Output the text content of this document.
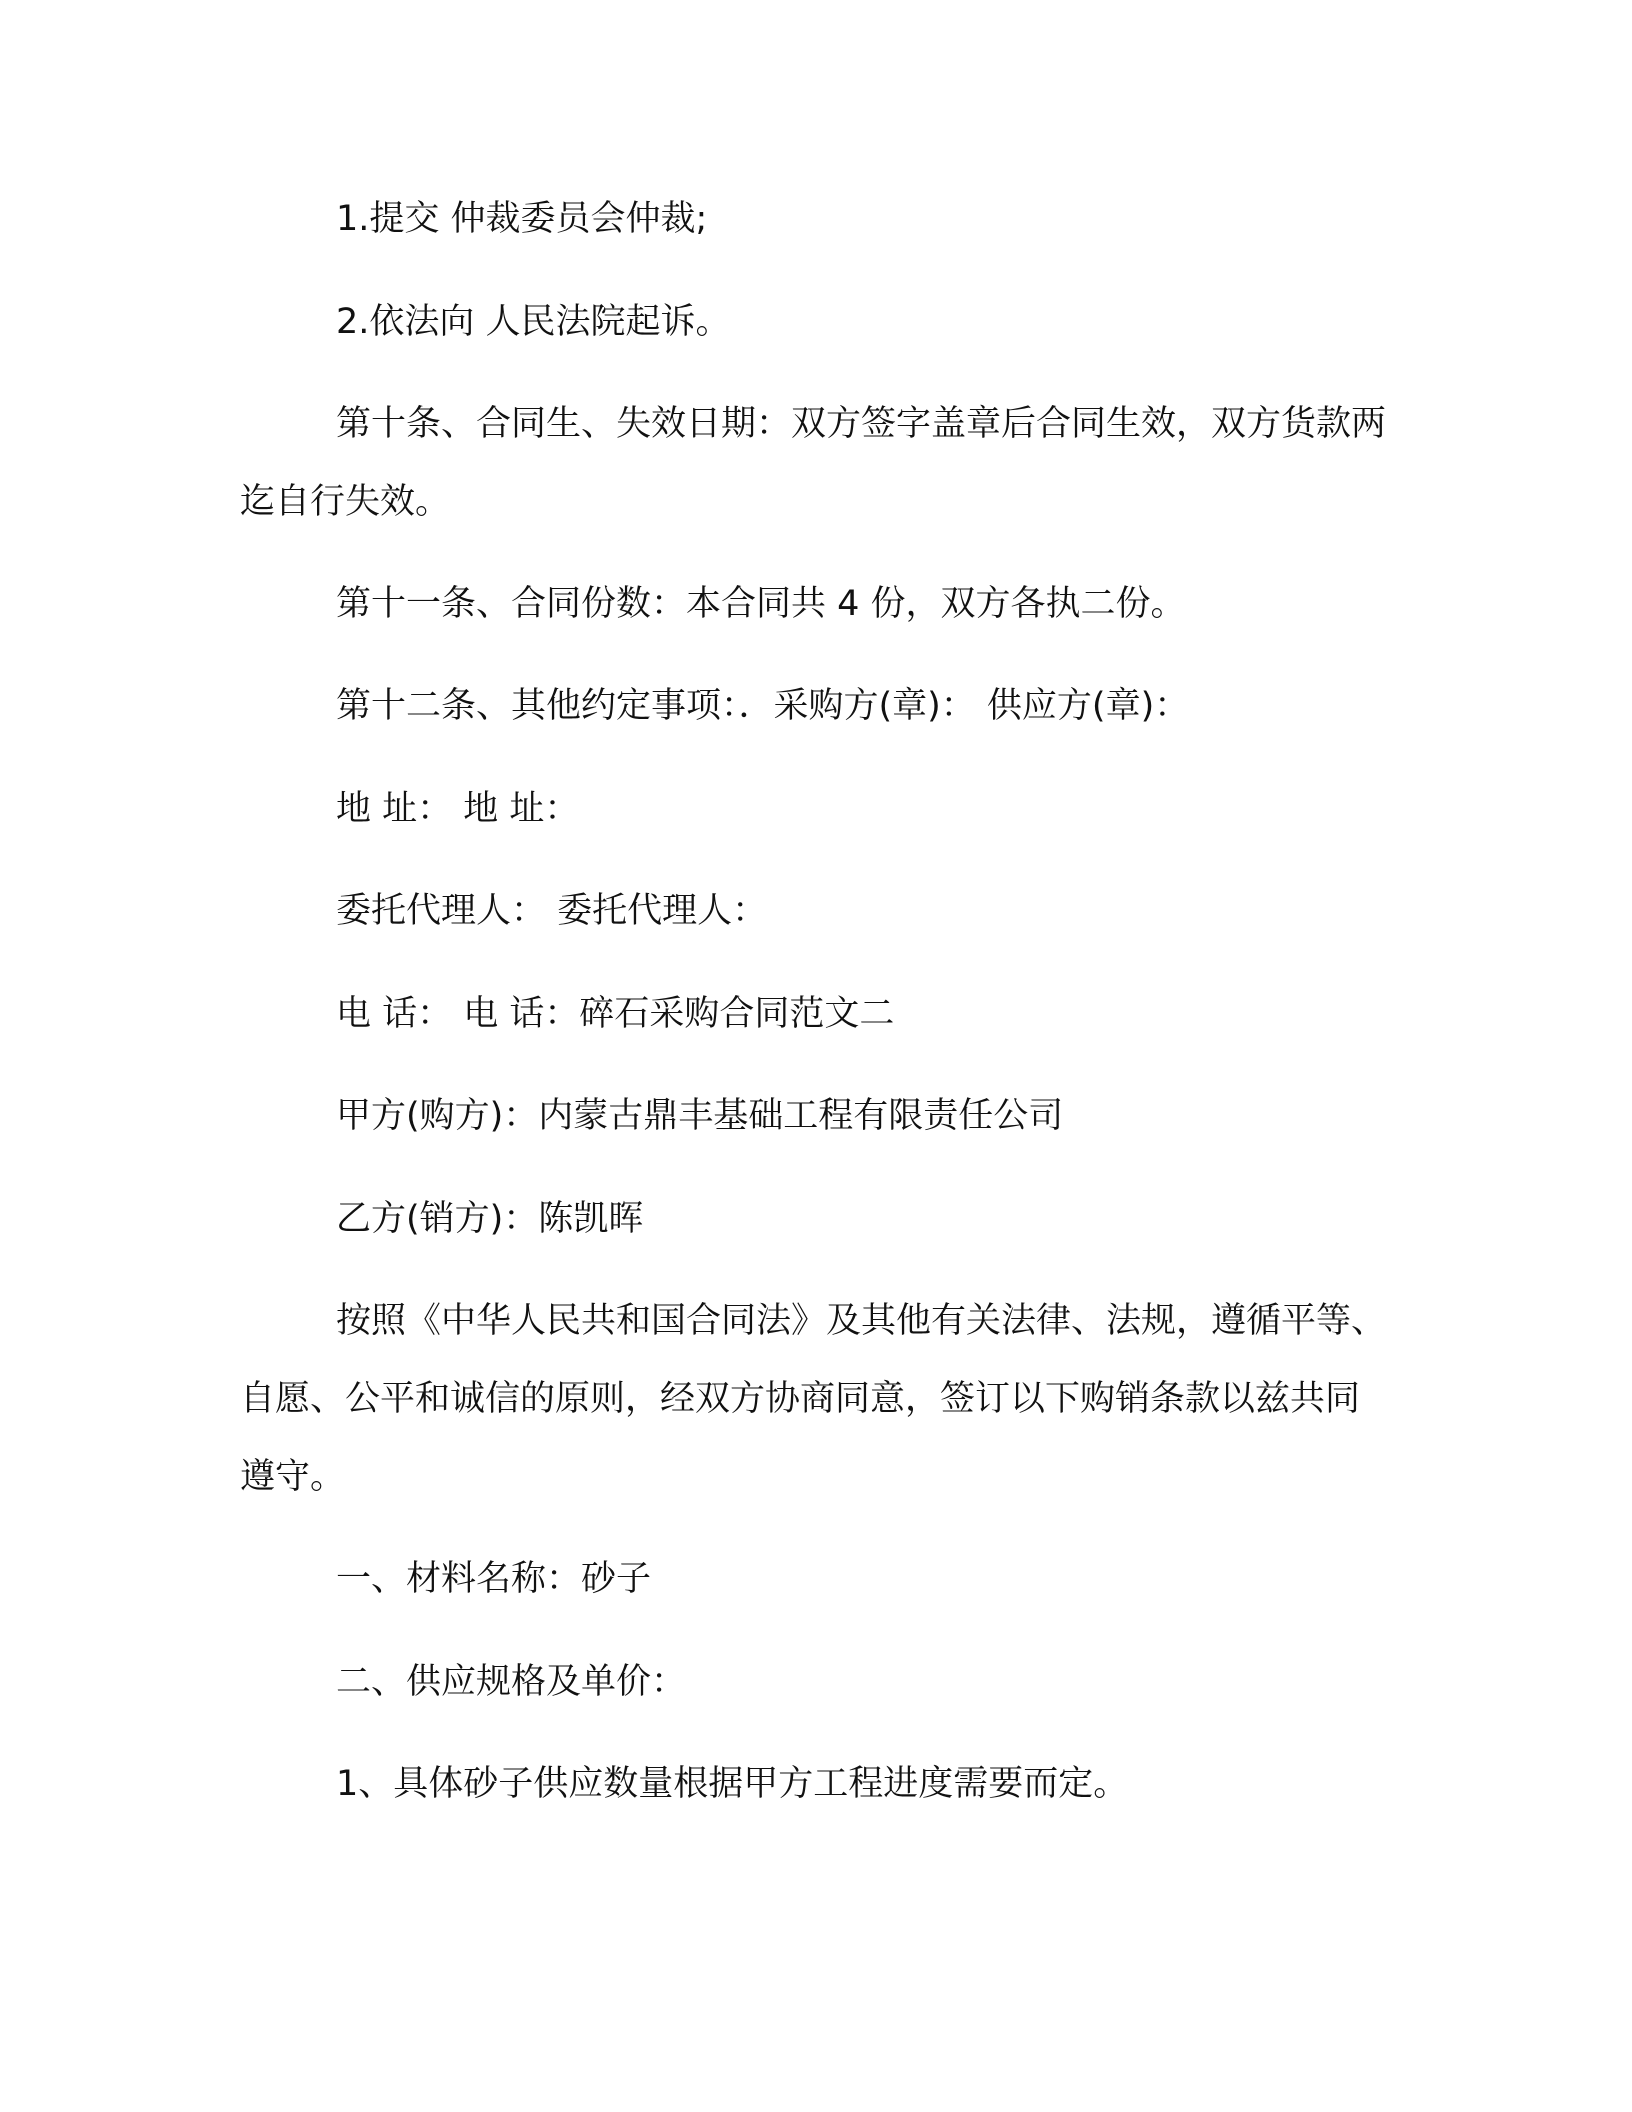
1.提交 仲裁委员会仲裁;

2.依法向 人民法院起诉。

第十条、合同生、失效日期：双方签字盖章后合同生效，双方货款两迄自行失效。

第十一条、合同份数：本合同共 4 份，双方各执二份。

第十二条、其他约定事项：．采购方(章)： 供应方(章)：

地 址： 地 址：

委托代理人： 委托代理人：

电 话： 电 话：碎石采购合同范文二

甲方(购方)：内蒙古鼎丰基础工程有限责任公司

乙方(销方)：陈凯晖

按照《中华人民共和国合同法》及其他有关法律、法规，遵循平等、自愿、公平和诚信的原则，经双方协商同意，签订以下购销条款以兹共同遵守。

一、材料名称：砂子

二、供应规格及单价：

1、具体砂子供应数量根据甲方工程进度需要而定。
